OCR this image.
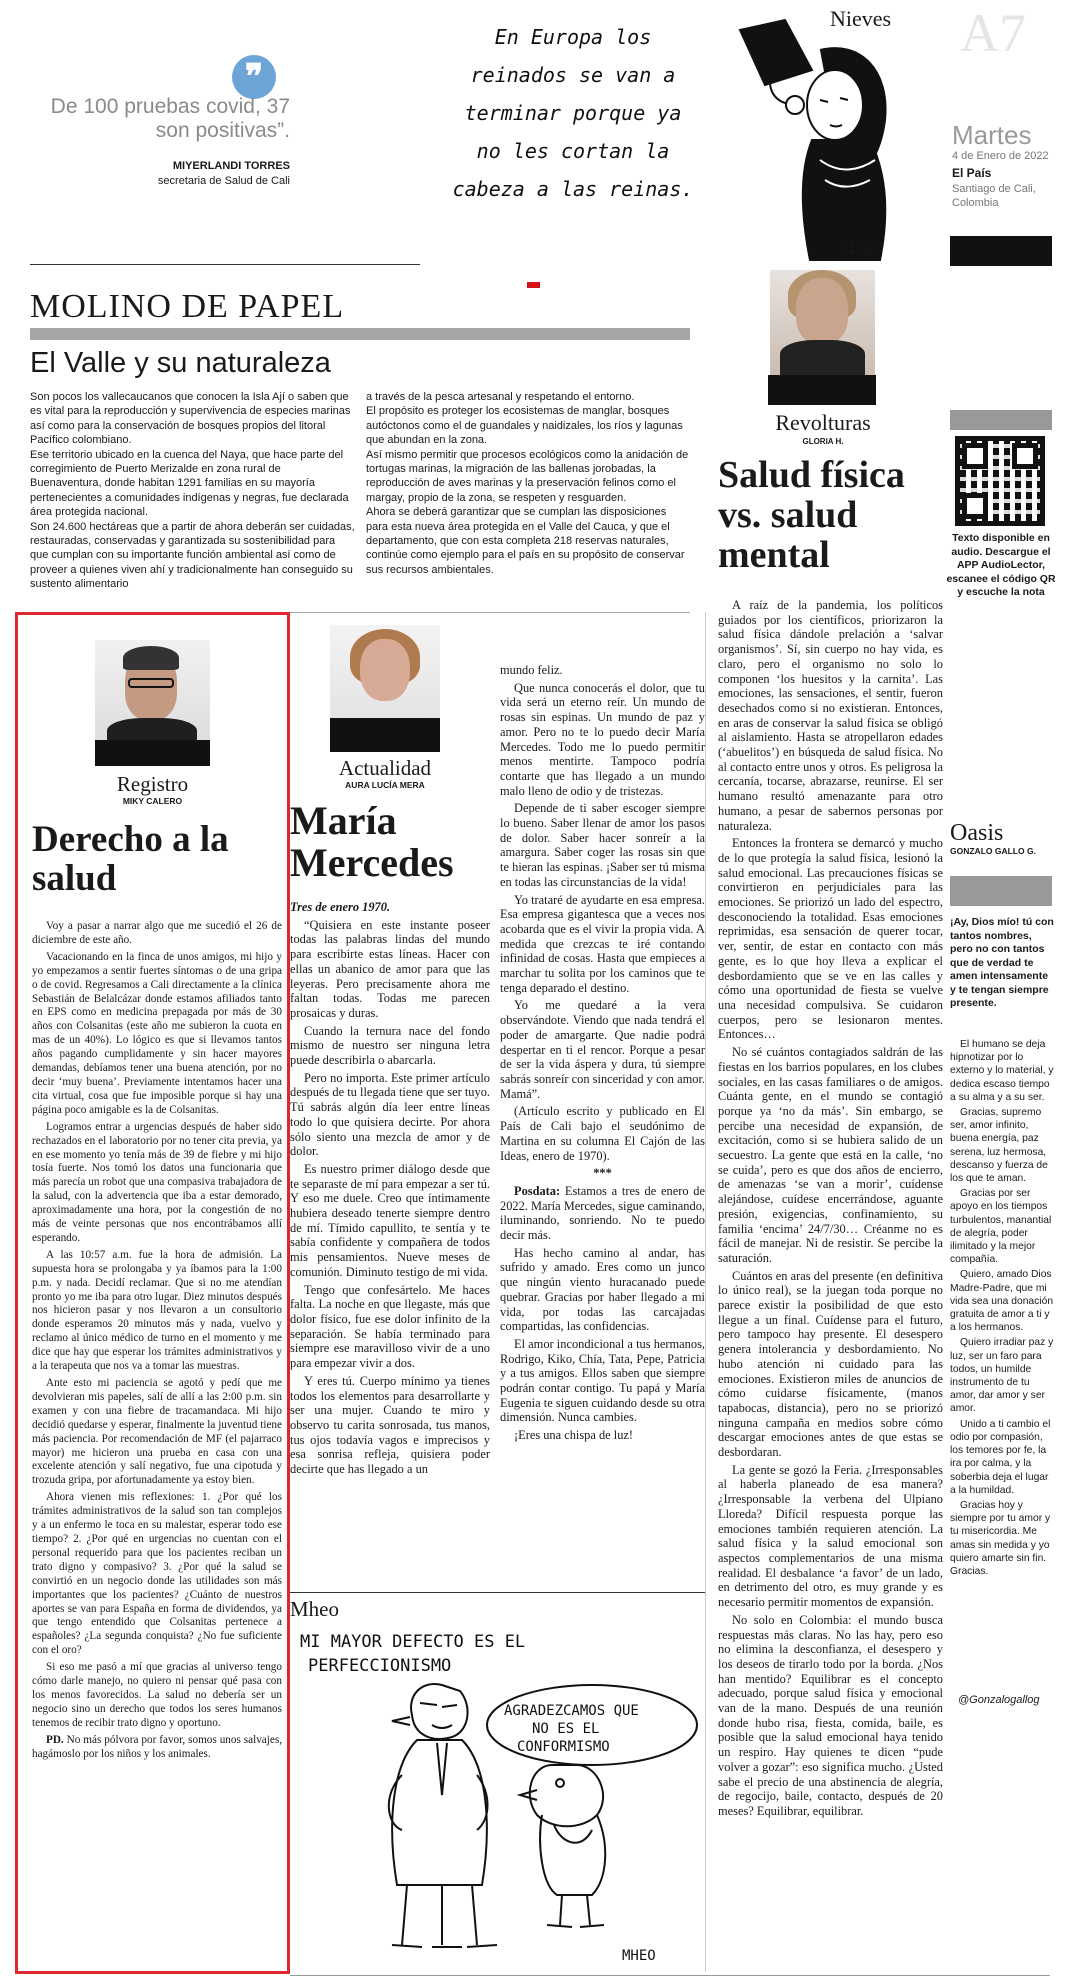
❞
De 100 pruebas covid, 37 son positivas”.
MIYERLANDI TORRES
secretaria de Salud de Cali
En Europa los reinados se van a terminar porque ya no les cortan la cabeza a las reinas.
c.Lago
Nieves A7
Martes
4 de Enero de 2022
El País
Santiago de Cali, Colombia
MOLINO DE PAPEL
El Valle y su naturaleza

Son pocos los vallecaucanos que conocen la Isla Ají o saben que es vital para la reproducción y supervivencia de especies marinas así como para la conservación de bosques propios del litoral Pacífico colombiano.

Ese territorio ubicado en la cuenca del Naya, que hace parte del corregimiento de Puerto Merizalde en zona rural de Buenaventura, donde habitan 1291 familias en su mayoría pertenecientes a comunidades indígenas y negras, fue declarada área protegida nacional.

Son 24.600 hectáreas que a partir de ahora deberán ser cuidadas, restauradas, conservadas y garantizada su sostenibilidad para que cumplan con su importante función ambiental así como de proveer a quienes viven ahí y tradicionalmente han conseguido su sustento alimentario

a través de la pesca artesanal y respetando el entorno.

El propósito es proteger los ecosistemas de manglar, bosques autóctonos como el de guandales y naidizales, los ríos y lagunas que abundan en la zona.

Así mismo permitir que procesos ecológicos como la anidación de tortugas marinas, la migración de las ballenas jorobadas, la reproducción de aves marinas y la preservación felinos como el margay, propio de la zona, se respeten y resguarden.

Ahora se deberá garantizar que se cumplan las disposiciones para esta nueva área protegida en el Valle del Cauca, y que el departamento, que con esta completa 218 reservas naturales, continúe como ejemplo para el país en su propósito de conservar sus recursos ambientales.

Revolturas
GLORIA H.
Salud física vs. salud mental

A raíz de la pandemia, los políticos guiados por los científicos, priorizaron la salud física dándole prelación a ‘salvar organismos’. Sí, sin cuerpo no hay vida, es claro, pero el organismo no solo lo componen ‘los huesitos y la carnita’. Las emociones, las sensaciones, el sentir, fueron desechados como si no existieran. Entonces, en aras de conservar la salud física se obligó al aislamiento. Hasta se atropellaron edades (‘abuelitos’) en búsqueda de salud física. No al contacto entre unos y otros. Es peligrosa la cercanía, tocarse, abrazarse, reunirse. El ser humano resultó amenazante para otro humano, a pesar de sabernos personas por naturaleza.

Entonces la frontera se demarcó y mucho de lo que protegía la salud física, lesionó la salud emocional. Las precauciones físicas se convirtieron en perjudiciales para las emociones. Se priorizó un lado del espectro, desconociendo la totalidad. Esas emociones reprimidas, esa sensación de querer tocar, ver, sentir, de estar en contacto con más gente, es lo que hoy lleva a explicar el desbordamiento que se ve en las calles y cómo una oportunidad de fiesta se vuelve una necesidad compulsiva. Se cuidaron cuerpos, pero se lesionaron mentes. Entonces…

No sé cuántos contagiados saldrán de las fiestas en los barrios populares, en los clubes sociales, en las casas familiares o de amigos. Cuánta gente, en el mundo se contagió porque ya ‘no da más’. Sin embargo, se percibe una necesidad de expansión, de excitación, como si se hubiera salido de un secuestro. La gente que está en la calle, ‘no se cuida’, pero es que dos años de encierro, de amenazas ‘se van a morir’, cuídense alejándose, cuídese encerrándose, aguante presión, exigencias, confinamiento, su familia ‘encima’ 24/7/30… Créanme no es fácil de manejar. Ni de resistir. Se percibe la saturación.

Cuántos en aras del presente (en definitiva lo único real), se la juegan toda porque no parece existir la posibilidad de que esto llegue a un final. Cuídense para el futuro, pero tampoco hay presente. El desespero genera intolerancia y desbordamiento. No hubo atención ni cuidado para las emociones. Existieron miles de anuncios de cómo cuidarse físicamente, (manos tapabocas, distancia), pero no se priorizó ninguna campaña en medios sobre cómo descargar emociones antes de que estas se desbordaran.

La gente se gozó la Feria. ¿Irresponsables al haberla planeado de esa manera? ¿Irresponsable la verbena del Ulpiano Lloreda? Difícil respuesta porque las emociones también requieren atención. La salud física y la salud emocional son aspectos complementarios de una misma realidad. El desbalance ‘a favor’ de un lado, en detrimento del otro, es muy grande y es necesario permitir momentos de expansión.

No solo en Colombia: el mundo busca respuestas más claras. No las hay, pero eso no elimina la desconfianza, el desespero y los deseos de tirarlo todo por la borda. ¿Nos han mentido? Equilibrar es el concepto adecuado, porque salud física y emocional van de la mano. Después de una reunión donde hubo risa, fiesta, comida, baile, es posible que la salud emocional haya tenido un respiro. Hay quienes te dicen “pude volver a gozar”: eso significa mucho. ¿Usted sabe el precio de una abstinencia de alegría, de regocijo, baile, contacto, después de 20 meses? Equilibrar, equilibrar.

Texto disponible en audio. Descargue el APP AudioLector, escanee el código QR y escuche la nota
Oasis
GONZALO GALLO G.
¡Ay, Dios mío! tú con tantos nombres, pero no con tantos que de verdad te amen intensamente y te tengan siempre presente.

El humano se deja hipnotizar por lo externo y lo material, y dedica escaso tiempo a su alma y a su ser.

Gracias, supremo ser, amor infinito, buena energía, paz serena, luz hermosa, descanso y fuerza de los que te aman.

Gracias por ser apoyo en los tiempos turbulentos, manantial de alegría, poder ilimitado y la mejor compañía.

Quiero, amado Dios Madre-Padre, que mi vida sea una donación gratuita de amor a ti y a los hermanos.

Quiero irradiar paz y luz, ser un faro para todos, un humilde instrumento de tu amor, dar amor y ser amor.

Unido a ti cambio el odio por compasión, los temores por fe, la ira por calma, y la soberbia deja el lugar a la humildad.

Gracias hoy y siempre por tu amor y tu misericordia. Me amas sin medida y yo quiero amarte sin fin. Gracias.

@Gonzalogallog
Registro
MIKY CALERO
Derecho a la salud

Voy a pasar a narrar algo que me sucedió el 26 de diciembre de este año.

Vacacionando en la finca de unos amigos, mi hijo y yo empezamos a sentir fuertes síntomas o de una gripa o de covid. Regresamos a Cali directamente a la clínica Sebastián de Belalcázar donde estamos afiliados tanto en EPS como en medicina prepagada por más de 30 años con Colsanitas (este año me subieron la cuota en mas de un 40%). Lo lógico es que si llevamos tantos años pagando cumplidamente y sin hacer mayores demandas, debíamos tener una buena atención, por no decir ‘muy buena’. Previamente intentamos hacer una cita virtual, cosa que fue imposible porque si hay una página poco amigable es la de Colsanitas.

Logramos entrar a urgencias después de haber sido rechazados en el laboratorio por no tener cita previa, ya en ese momento yo tenía más de 39 de fiebre y mi hijo tosía fuerte. Nos tomó los datos una funcionaria que más parecía un robot que una compasiva trabajadora de la salud, con la advertencia que iba a estar demorado, aproximadamente una hora, por la congestión de no más de veinte personas que nos encontrábamos allí esperando.

A las 10:57 a.m. fue la hora de admisión. La supuesta hora se prolongaba y ya íbamos para la 1:00 p.m. y nada. Decidí reclamar. Que si no me atendían pronto yo me iba para otro lugar. Diez minutos después nos hicieron pasar y nos llevaron a un consultorio donde esperamos 20 minutos más y nada, vuelvo y reclamo al único médico de turno en el momento y me dice que hay que esperar los trámites administrativos y a la terapeuta que nos va a tomar las muestras.

Ante esto mi paciencia se agotó y pedí que me devolvieran mis papeles, salí de allí a las 2:00 p.m. sin examen y con una fiebre de tracamandaca. Mi hijo decidió quedarse y esperar, finalmente la juventud tiene más paciencia. Por recomendación de MF (el pajarraco mayor) me hicieron una prueba en casa con una excelente atención y salí negativo, fue una cipotuda y trozuda gripa, por afortunadamente ya estoy bien.

Ahora vienen mis reflexiones: 1. ¿Por qué los trámites administrativos de la salud son tan complejos y a un enfermo le toca en su malestar, esperar todo ese tiempo? 2. ¿Por qué en urgencias no cuentan con el personal requerido para que los pacientes reciban un trato digno y compasivo? 3. ¿Por qué la salud se convirtió en un negocio donde las utilidades son más importantes que los pacientes? ¿Cuánto de nuestros aportes se van para España en forma de dividendos, ya que tengo entendido que Colsanitas pertenece a españoles? ¿La segunda conquista? ¿No fue suficiente con el oro?

Si eso me pasó a mí que gracias al universo tengo cómo darle manejo, no quiero ni pensar qué pasa con los menos favorecidos. La salud no debería ser un negocio sino un derecho que todos los seres humanos tenemos de recibir trato digno y oportuno.

PD. No más pólvora por favor, somos unos salvajes, hagámoslo por los niños y los animales.

Actualidad
AURA LUCÍA MERA
María Mercedes

Tres de enero 1970.

“Quisiera en este instante poseer todas las palabras lindas del mundo para escribirte estas líneas. Hacer con ellas un abanico de amor para que las leyeras. Pero precisamente ahora me faltan todas. Todas me parecen prosaicas y duras.

Cuando la ternura nace del fondo mismo de nuestro ser ninguna letra puede describirla o abarcarla.

Pero no importa. Este primer artículo después de tu llegada tiene que ser tuyo. Tú sabrás algún día leer entre líneas todo lo que quisiera decirte. Por ahora sólo siento una mezcla de amor y de dolor.

Es nuestro primer diálogo desde que te separaste de mí para empezar a ser tú. Y eso me duele. Creo que íntimamente hubiera deseado tenerte siempre dentro de mí. Tímido capullito, te sentía y te sabía confidente y compañera de todos mis pensamientos. Nueve meses de comunión. Diminuto testigo de mi vida.

Tengo que confesártelo. Me haces falta. La noche en que llegaste, más que dolor físico, fue ese dolor infinito de la separación. Se había terminado para siempre ese maravilloso vivir de a uno para empezar vivir a dos.

Y eres tú. Cuerpo mínimo ya tienes todos los elementos para desarrollarte y ser una mujer. Cuando te miro y observo tu carita sonrosada, tus manos, tus ojos todavía vagos e imprecisos y esa sonrisa refleja, quisiera poder decirte que has llegado a un

mundo feliz.

Que nunca conocerás el dolor, que tu vida será un eterno reír. Un mundo de rosas sin espinas. Un mundo de paz y amor. Pero no te lo puedo decir María Mercedes. Todo me lo puedo permitir menos mentirte. Tampoco podría contarte que has llegado a un mundo malo lleno de odio y de tristezas.

Depende de ti saber escoger siempre lo bueno. Saber llenar de amor los pasos de dolor. Saber hacer sonreír a la amargura. Saber coger las rosas sin que te hieran las espinas. ¡Saber ser tú misma en todas las circunstancias de la vida!

Yo trataré de ayudarte en esa empresa. Esa empresa gigantesca que a veces nos acobarda que es el vivir la propia vida. A medida que crezcas te iré contando infinidad de cosas. Hasta que empieces a marchar tu solita por los caminos que te tenga deparado el destino.

Yo me quedaré a la vera observándote. Viendo que nada tendrá el poder de amargarte. Que nadie podrá despertar en ti el rencor. Porque a pesar de ser la vida áspera y dura, tú siempre sabrás sonreír con sinceridad y con amor. Mamá”.

(Artículo escrito y publicado en El País de Cali bajo el seudónimo de Martina en su columna El Cajón de las Ideas, enero de 1970).

***

Posdata: Estamos a tres de enero de 2022. María Mercedes, sigue caminando, iluminando, sonriendo. No te puedo decir más.

Has hecho camino al andar, has sufrido y amado. Eres como un junco que ningún viento huracanado puede quebrar. Gracias por haber llegado a mi vida, por todas las carcajadas compartidas, las confidencias.

El amor incondicional a tus hermanos, Rodrigo, Kiko, Chía, Tata, Pepe, Patricia y a tus amigos. Ellos saben que siempre podrán contar contigo. Tu papá y María Eugenia te siguen cuidando desde su otra dimensión. Nunca cambies.

¡Eres una chispa de luz!

Mheo
MI MAYOR DEFECTO ES EL
PERFECCIONISMO
AGRADEZCAMOS QUE
NO ES EL
CONFORMISMO
MHEO
